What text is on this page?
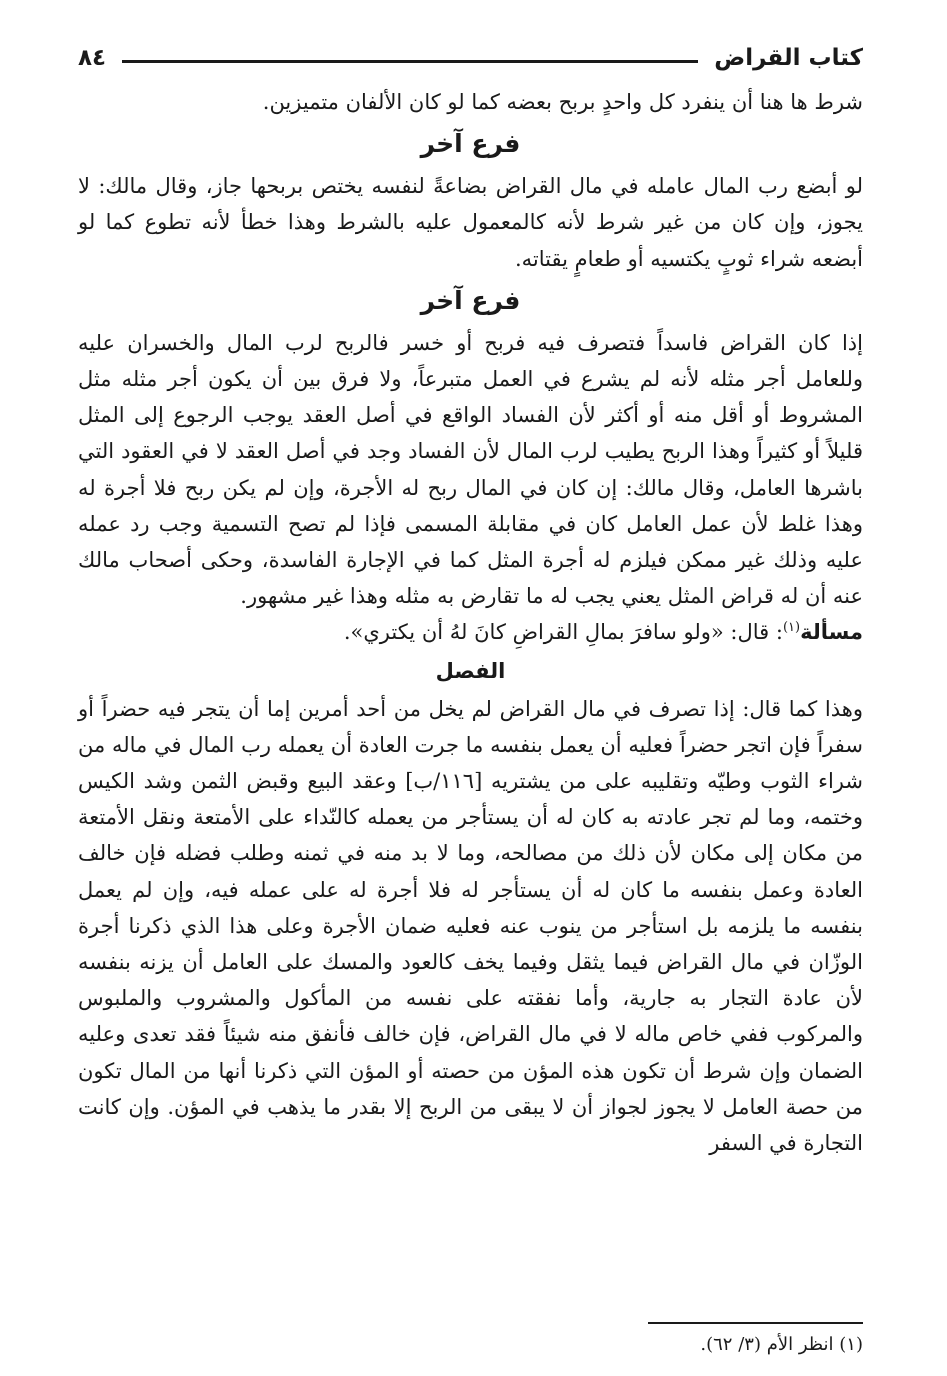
كتاب القراض
٨٤

شرط ها هنا أن ينفرد كل واحدٍ بربح بعضه كما لو كان الألفان متميزين.

فرع آخر

لو أبضع رب المال عامله في مال القراض بضاعةً لنفسه يختص بربحها جاز، وقال مالك: لا يجوز، وإن كان من غير شرط لأنه كالمعمول عليه بالشرط وهذا خطأ لأنه تطوع كما لو أبضعه شراء ثوبٍ يكتسيه أو طعامٍ يقتاته.

فرع آخر

إذا كان القراض فاسداً فتصرف فيه فربح أو خسر فالربح لرب المال والخسران عليه وللعامل أجر مثله لأنه لم يشرع في العمل متبرعاً، ولا فرق بين أن يكون أجر مثله مثل المشروط أو أقل منه أو أكثر لأن الفساد الواقع في أصل العقد يوجب الرجوع إلى المثل قليلاً أو كثيراً وهذا الربح يطيب لرب المال لأن الفساد وجد في أصل العقد لا في العقود التي باشرها العامل، وقال مالك: إن كان في المال ربح له الأجرة، وإن لم يكن ربح فلا أجرة له وهذا غلط لأن عمل العامل كان في مقابلة المسمى فإذا لم تصح التسمية وجب رد عمله عليه وذلك غير ممكن فيلزم له أجرة المثل كما في الإجارة الفاسدة، وحكى أصحاب مالك عنه أن له قراض المثل يعني يجب له ما تقارض به مثله وهذا غير مشهور.

مسألة$^{(١)}$: قال: «ولو سافرَ بمالِ القراضِ كانَ لهُ أن يكتري».

الفصل

وهذا كما قال: إذا تصرف في مال القراض لم يخل من أحد أمرين إما أن يتجر فيه حضراً أو سفراً فإن اتجر حضراً فعليه أن يعمل بنفسه ما جرت العادة أن يعمله رب المال في ماله من شراء الثوب وطيّه وتقليبه على من يشتريه [١١٦/ب] وعقد البيع وقبض الثمن وشد الكيس وختمه، وما لم تجر عادته به كان له أن يستأجر من يعمله كالنّداء على الأمتعة ونقل الأمتعة من مكان إلى مكان لأن ذلك من مصالحه، وما لا بد منه في ثمنه وطلب فضله فإن خالف العادة وعمل بنفسه ما كان له أن يستأجر له فلا أجرة له على عمله فيه، وإن لم يعمل بنفسه ما يلزمه بل استأجر من ينوب عنه فعليه ضمان الأجرة وعلى هذا الذي ذكرنا أجرة الوزّان في مال القراض فيما يثقل وفيما يخف كالعود والمسك على العامل أن يزنه بنفسه لأن عادة التجار به جارية، وأما نفقته على نفسه من المأكول والمشروب والملبوس والمركوب ففي خاص ماله لا في مال القراض، فإن خالف فأنفق منه شيئاً فقد تعدى وعليه الضمان وإن شرط أن تكون هذه المؤن من حصته أو المؤن التي ذكرنا أنها من المال تكون من حصة العامل لا يجوز لجواز أن لا يبقى من الربح إلا بقدر ما يذهب في المؤن. وإن كانت التجارة في السفر

(١) انظر الأم (٣/ ٦٢).
